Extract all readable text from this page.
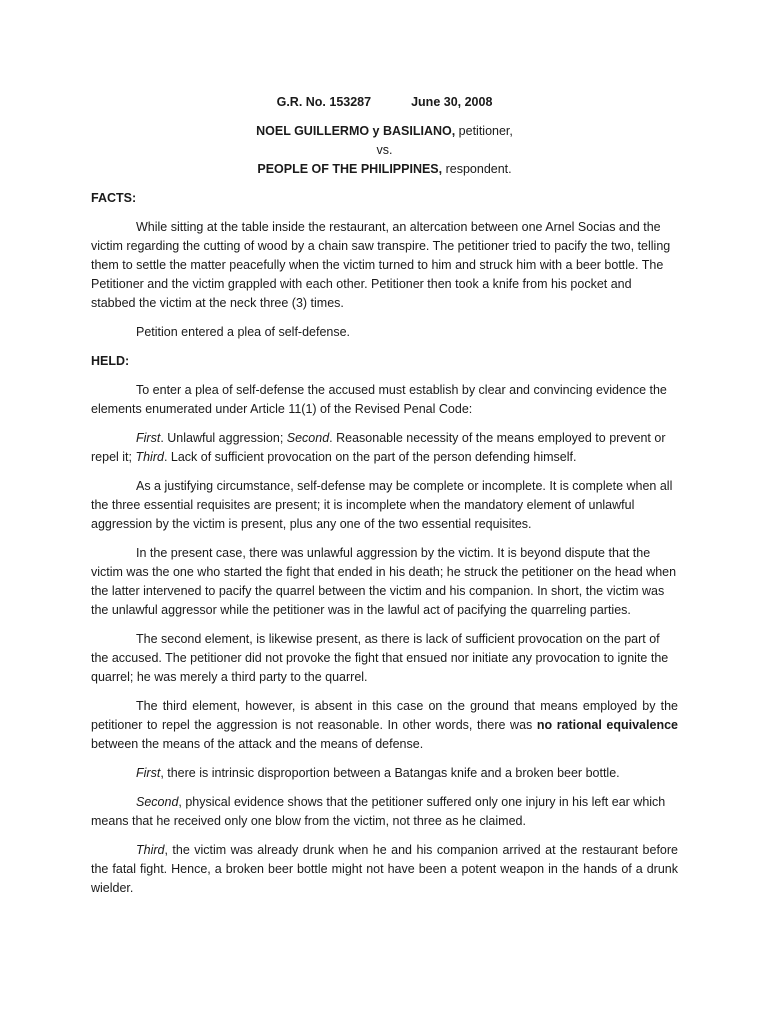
G.R. No. 153287	June 30, 2008

NOEL GUILLERMO y BASILIANO, petitioner,

vs.

PEOPLE OF THE PHILIPPINES, respondent.

FACTS:

While sitting at the table inside the restaurant, an altercation between one Arnel Socias and the victim regarding the cutting of wood by a chain saw transpire. The petitioner tried to pacify the two, telling them to settle the matter peacefully when the victim turned to him and struck him with a beer bottle. The Petitioner and the victim grappled with each other. Petitioner then took a knife from his pocket and stabbed the victim at the neck three (3) times.

Petition entered a plea of self-defense.

HELD:

To enter a plea of self-defense the accused must establish by clear and convincing evidence the elements enumerated under Article 11(1) of the Revised Penal Code:

First. Unlawful aggression; Second. Reasonable necessity of the means employed to prevent or repel it; Third. Lack of sufficient provocation on the part of the person defending himself.

As a justifying circumstance, self-defense may be complete or incomplete. It is complete when all the three essential requisites are present; it is incomplete when the mandatory element of unlawful aggression by the victim is present, plus any one of the two essential requisites.

In the present case, there was unlawful aggression by the victim. It is beyond dispute that the victim was the one who started the fight that ended in his death; he struck the petitioner on the head when the latter intervened to pacify the quarrel between the victim and his companion. In short, the victim was the unlawful aggressor while the petitioner was in the lawful act of pacifying the quarreling parties.

The second element, is likewise present, as there is lack of sufficient provocation on the part of the accused. The petitioner did not provoke the fight that ensued nor initiate any provocation to ignite the quarrel; he was merely a third party to the quarrel.

The third element, however, is absent in this case on the ground that means employed by the petitioner to repel the aggression is not reasonable. In other words, there was no rational equivalence between the means of the attack and the means of defense.

First, there is intrinsic disproportion between a Batangas knife and a broken beer bottle.

Second, physical evidence shows that the petitioner suffered only one injury in his left ear which means that he received only one blow from the victim, not three as he claimed.

Third, the victim was already drunk when he and his companion arrived at the restaurant before the fatal fight. Hence, a broken beer bottle might not have been a potent weapon in the hands of a drunk wielder.
